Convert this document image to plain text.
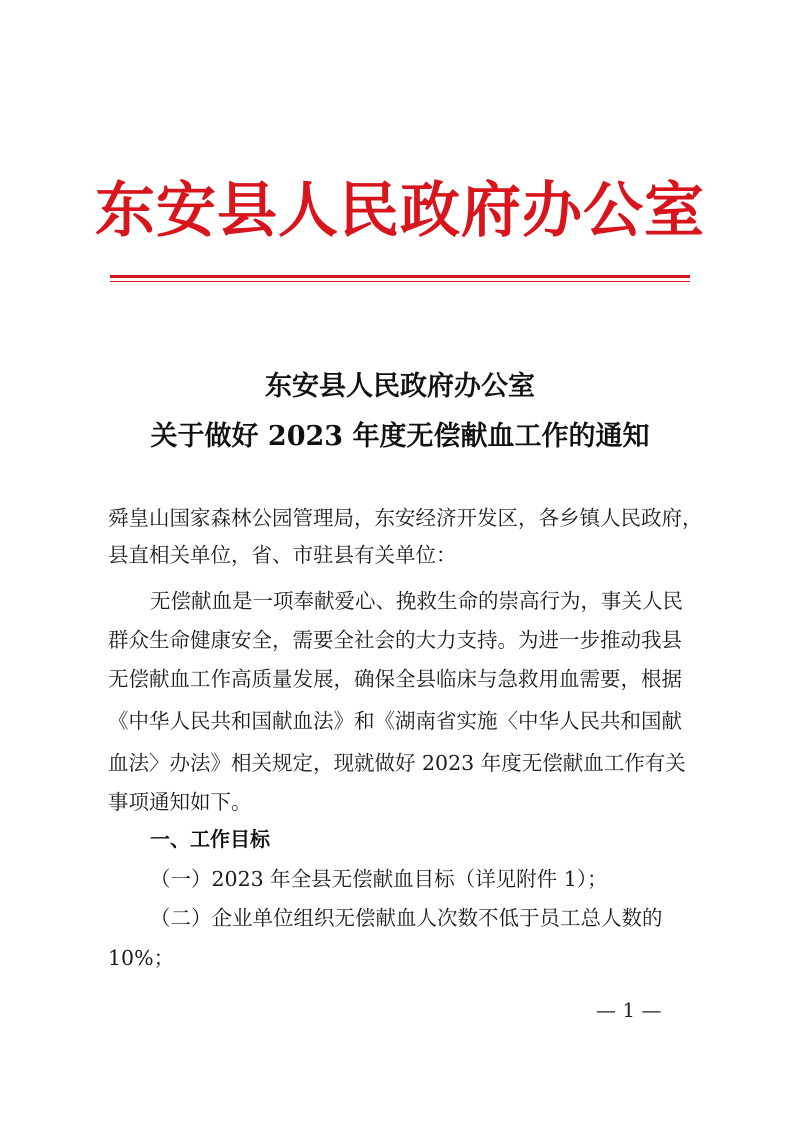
东安县人民政府办公室
东安县人民政府办公室
关于做好 2023 年度无偿献血工作的通知
舜皇山国家森林公园管理局，东安经济开发区，各乡镇人民政府，
县直相关单位，省、市驻县有关单位：
无偿献血是一项奉献爱心、挽救生命的崇高行为，事关人民
群众生命健康安全，需要全社会的大力支持。为进一步推动我县
无偿献血工作高质量发展，确保全县临床与急救用血需要，根据
《中华人民共和国献血法》和《湖南省实施〈中华人民共和国献
血法〉办法》相关规定，现就做好 2023 年度无偿献血工作有关
事项通知如下。
一、工作目标
（一）2023 年全县无偿献血目标（详见附件 1）；
（二）企业单位组织无偿献血人次数不低于员工总人数的
10%；
— 1 —
